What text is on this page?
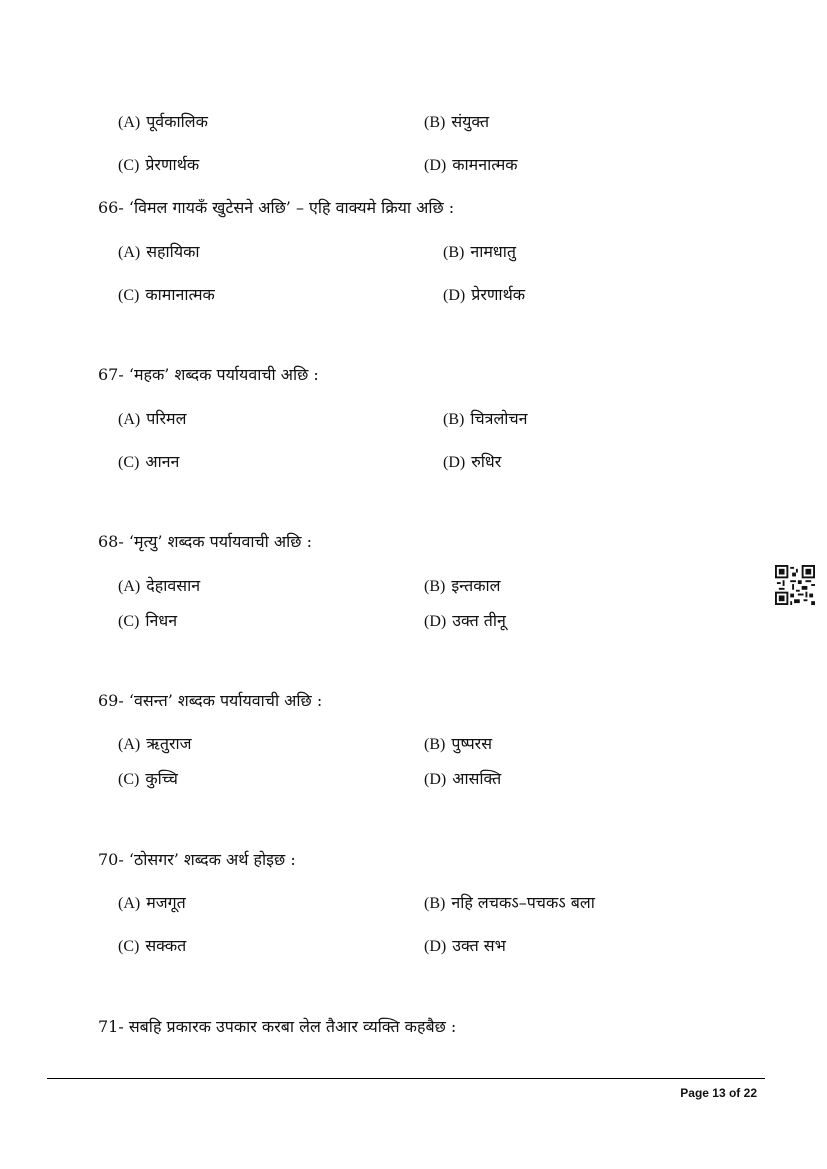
(A) पूर्वकालिक	(B) संयुक्त
(C) प्रेरणार्थक	(D) कामनात्मक
66- ‘विमल गायकँ खुटेसने अछि’ – एहि वाक्यमे क्रिया अछि :
(A) सहायिका	(B) नामधातु
(C) कामानात्मक	(D) प्रेरणार्थक
67- ‘महक’ शब्दक पर्यायवाची अछि :
(A) परिमल	(B) चित्रलोचन
(C) आनन	(D) रुधिर
68- ‘मृत्यु’ शब्दक पर्यायवाची अछि :
(A) देहावसान	(B) इन्तकाल
(C) निधन	(D) उक्त तीनू
69- ‘वसन्त’ शब्दक पर्यायवाची अछि :
(A) ऋतुराज	(B) पुष्परस
(C) कुच्चि	(D) आसक्ति
70- ‘ठोसगर’ शब्दक अर्थ होइछ :
(A) मजगूत	(B) नहि लचकऽ–पचकऽ बला
(C) सक्कत	(D) उक्त सभ
71- सबहि प्रकारक उपकार करबा लेल तैआर व्यक्ति कहबैछ :
Page 13 of 22
